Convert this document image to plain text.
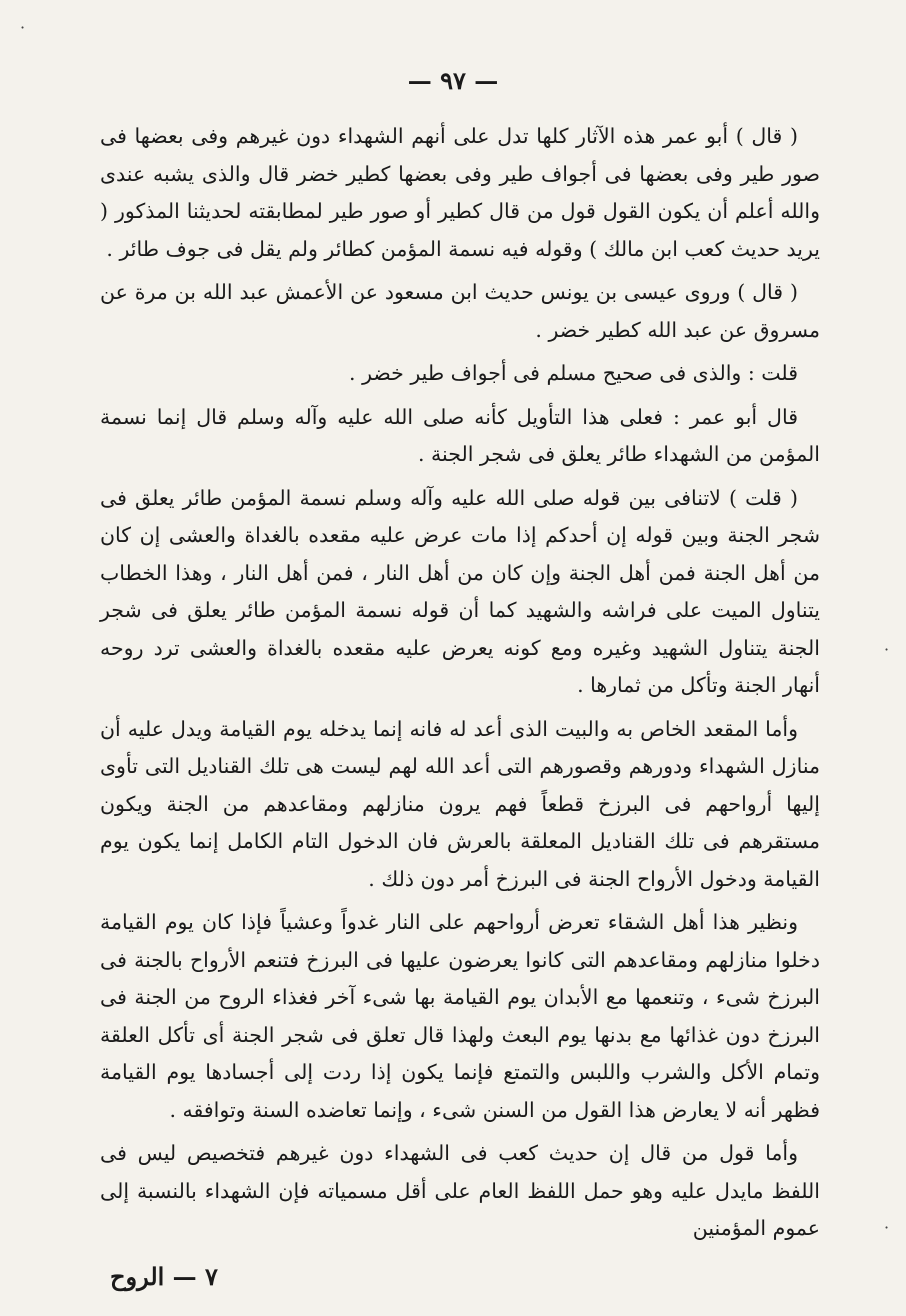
— ٩٧ —

( قال ) أبو عمر هذه الآثار كلها تدل على أنهم الشهداء دون غيرهم وفى بعضها فى صور طير وفى بعضها فى أجواف طير وفى بعضها كطير خضر قال والذى يشبه عندى والله أعلم أن يكون القول قول من قال كطير أو صور طير لمطابقته لحديثنا المذكور ( يريد حديث كعب ابن مالك ) وقوله فيه نسمة المؤمن كطائر ولم يقل فى جوف طائر .

( قال ) وروى عيسى بن يونس حديث ابن مسعود عن الأعمش عبد الله بن مرة عن مسروق عن عبد الله كطير خضر .

قلت : والذى فى صحيح مسلم فى أجواف طير خضر .

قال أبو عمر : فعلى هذا التأويل كأنه صلى الله عليه وآله وسلم قال إنما نسمة المؤمن من الشهداء طائر يعلق فى شجر الجنة .

( قلت ) لاتنافى بين قوله صلى الله عليه وآله وسلم نسمة المؤمن طائر يعلق فى شجر الجنة وبين قوله إن أحدكم إذا مات عرض عليه مقعده بالغداة والعشى إن كان من أهل الجنة فمن أهل الجنة وإن كان من أهل النار ، فمن أهل النار ، وهذا الخطاب يتناول الميت على فراشه والشهيد كما أن قوله نسمة المؤمن طائر يعلق فى شجر الجنة يتناول الشهيد وغيره ومع كونه يعرض عليه مقعده بالغداة والعشى ترد روحه أنهار الجنة وتأكل من ثمارها .

وأما المقعد الخاص به والبيت الذى أعد له فانه إنما يدخله يوم القيامة ويدل عليه أن منازل الشهداء ودورهم وقصورهم التى أعد الله لهم ليست هى تلك القناديل التى تأوى إليها أرواحهم فى البرزخ قطعاً فهم يرون منازلهم ومقاعدهم من الجنة ويكون مستقرهم فى تلك القناديل المعلقة بالعرش فان الدخول التام الكامل إنما يكون يوم القيامة ودخول الأرواح الجنة فى البرزخ أمر دون ذلك .

ونظير هذا أهل الشقاء تعرض أرواحهم على النار غدواً وعشياً فإذا كان يوم القيامة دخلوا منازلهم ومقاعدهم التى كانوا يعرضون عليها فى البرزخ فتنعم الأرواح بالجنة فى البرزخ شىء ، وتنعمها مع الأبدان يوم القيامة بها شىء آخر فغذاء الروح من الجنة فى البرزخ دون غذائها مع بدنها يوم البعث ولهذا قال تعلق فى شجر الجنة أى تأكل العلقة وتمام الأكل والشرب واللبس والتمتع فإنما يكون إذا ردت إلى أجسادها يوم القيامة فظهر أنه لا يعارض هذا القول من السنن شىء ، وإنما تعاضده السنة وتوافقه .

وأما قول من قال إن حديث كعب فى الشهداء دون غيرهم فتخصيص ليس فى اللفظ مايدل عليه وهو حمل اللفظ العام على أقل مسمياته فإن الشهداء بالنسبة إلى عموم المؤمنين

٧ — الروح
·
·
·
